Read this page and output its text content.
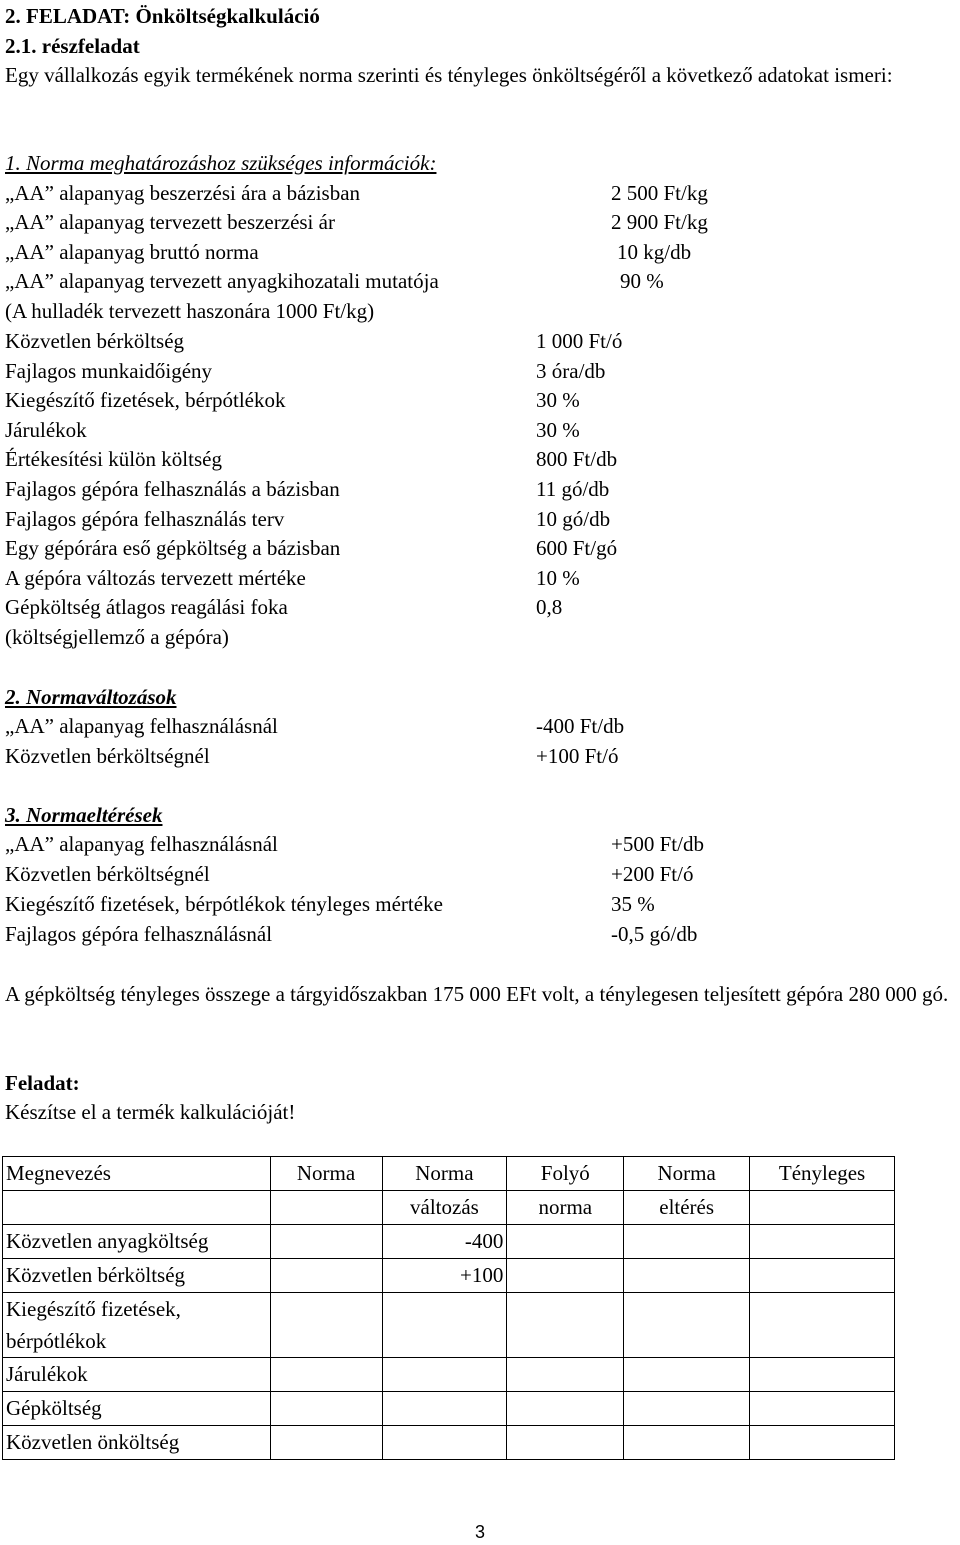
2. FELADAT: Önköltségkalkuláció
2.1. részfeladat
Egy vállalkozás egyik termékének norma szerinti és tényleges önköltségéről a következő adatokat ismeri:
1. Norma meghatározáshoz szükséges információk:
„AA” alapanyag beszerzési ára a bázisban	2 500 Ft/kg
„AA” alapanyag tervezett beszerzési ár	2 900 Ft/kg
„AA” alapanyag bruttó norma	10 kg/db
„AA” alapanyag tervezett anyagkihozatali mutatója	90 %
(A hulladék tervezett haszonára 1000 Ft/kg)
Közvetlen bérköltség	1 000 Ft/ó
Fajlagos munkaidőigény	3 óra/db
Kiegészítő fizetések, bérpótlékok	30 %
Járulékok	30 %
Értékesítési külön költség	800 Ft/db
Fajlagos gépóra felhasználás a bázisban	11 gó/db
Fajlagos gépóra felhasználás terv	10 gó/db
Egy gépórára eső gépköltség a bázisban	600 Ft/gó
A gépóra változás tervezett mértéke	10 %
Gépköltség átlagos reagálási foka	0,8
(költségjellemző a gépóra)
2. Normaváltozások
„AA” alapanyag felhasználásnál	-400 Ft/db
Közvetlen bérköltségnél	+100 Ft/ó
3. Normaeltérések
„AA” alapanyag felhasználásnál	+500 Ft/db
Közvetlen bérköltségnél	+200 Ft/ó
Kiegészítő fizetések, bérpótlékok tényleges mértéke	35 %
Fajlagos gépóra felhasználásnál	-0,5 gó/db
A gépköltség tényleges összege a tárgyidőszakban 175 000 EFt volt, a ténylegesen teljesített gépóra 280 000 gó.
Feladat:
Készítse el a termék kalkulációját!
Megnevezés	Norma	Norma	Folyó	Norma	Tényleges
		változás	norma	eltérés	
Közvetlen anyagköltség		-400			
Közvetlen bérköltség		+100			
Kiegészítő fizetések, bérpótlékok					
Járulékok					
Gépköltség					
Közvetlen önköltség					
3
